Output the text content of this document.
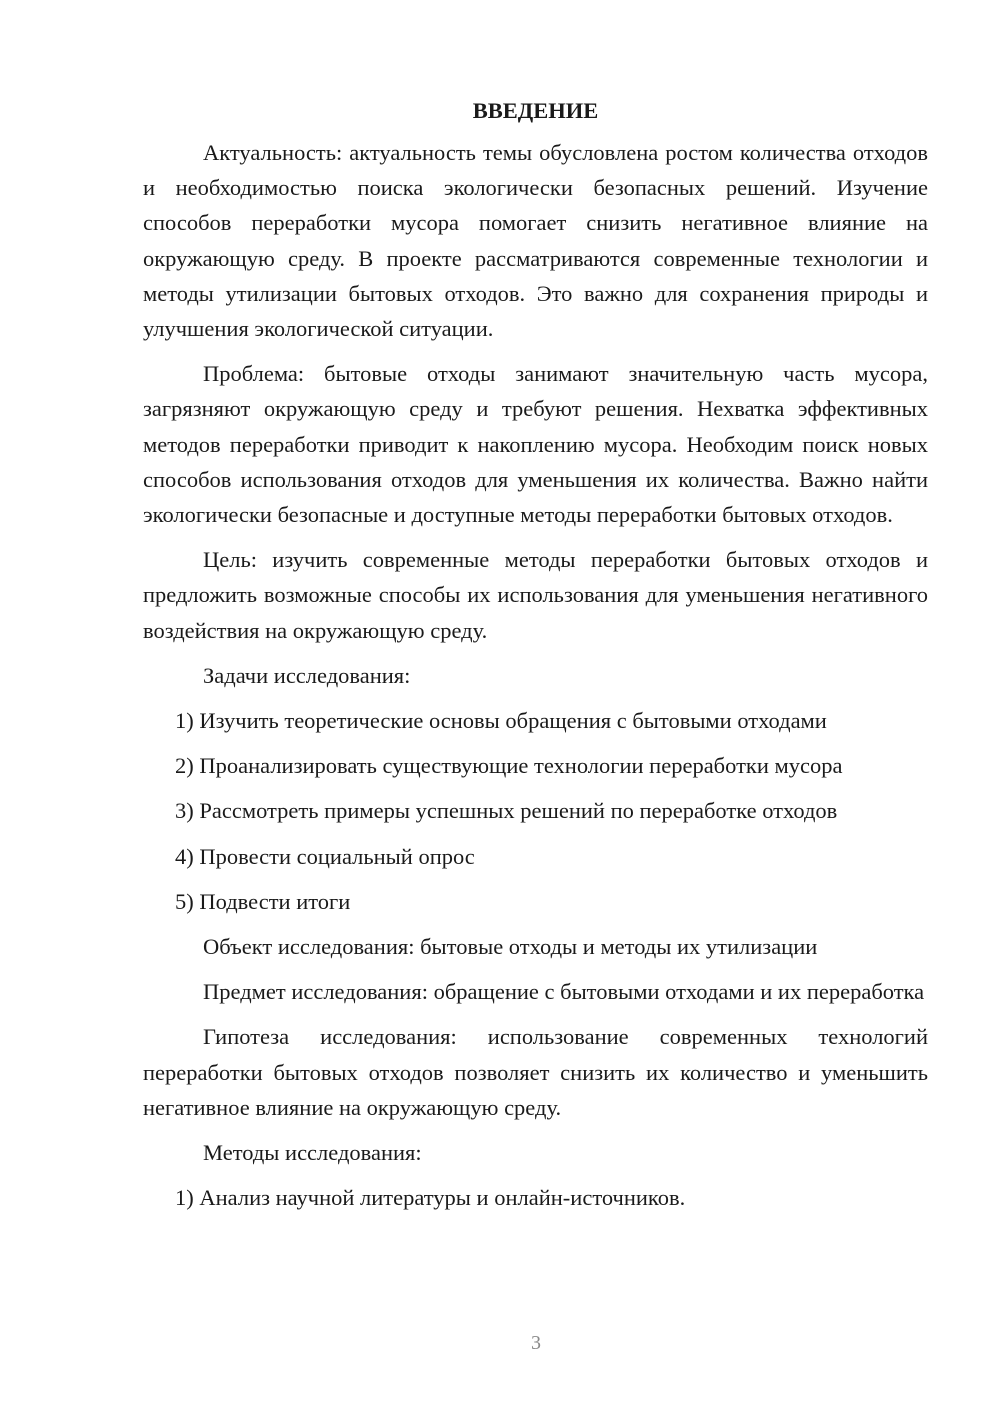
ВВЕДЕНИЕ

Актуальность: актуальность темы обусловлена ростом количества отходов и необходимостью поиска экологически безопасных решений. Изучение способов переработки мусора помогает снизить негативное влияние на окружающую среду. В проекте рассматриваются современные технологии и методы утилизации бытовых отходов. Это важно для сохранения природы и улучшения экологической ситуации.

Проблема: бытовые отходы занимают значительную часть мусора, загрязняют окружающую среду и требуют решения. Нехватка эффективных методов переработки приводит к накоплению мусора. Необходим поиск новых способов использования отходов для уменьшения их количества. Важно найти экологически безопасные и доступные методы переработки бытовых отходов.

Цель: изучить современные методы переработки бытовых отходов и предложить возможные способы их использования для уменьшения негативного воздействия на окружающую среду.

Задачи исследования:
1) Изучить теоретические основы обращения с бытовыми отходами
2) Проанализировать существующие технологии переработки мусора
3) Рассмотреть примеры успешных решений по переработке отходов
4) Провести социальный опрос
5) Подвести итоги
Объект исследования: бытовые отходы и методы их утилизации

Предмет исследования: обращение с бытовыми отходами и их переработка

Гипотеза исследования: использование современных технологий переработки бытовых отходов позволяет снизить их количество и уменьшить негативное влияние на окружающую среду.

Методы исследования:
1) Анализ научной литературы и онлайн-источников.
3
